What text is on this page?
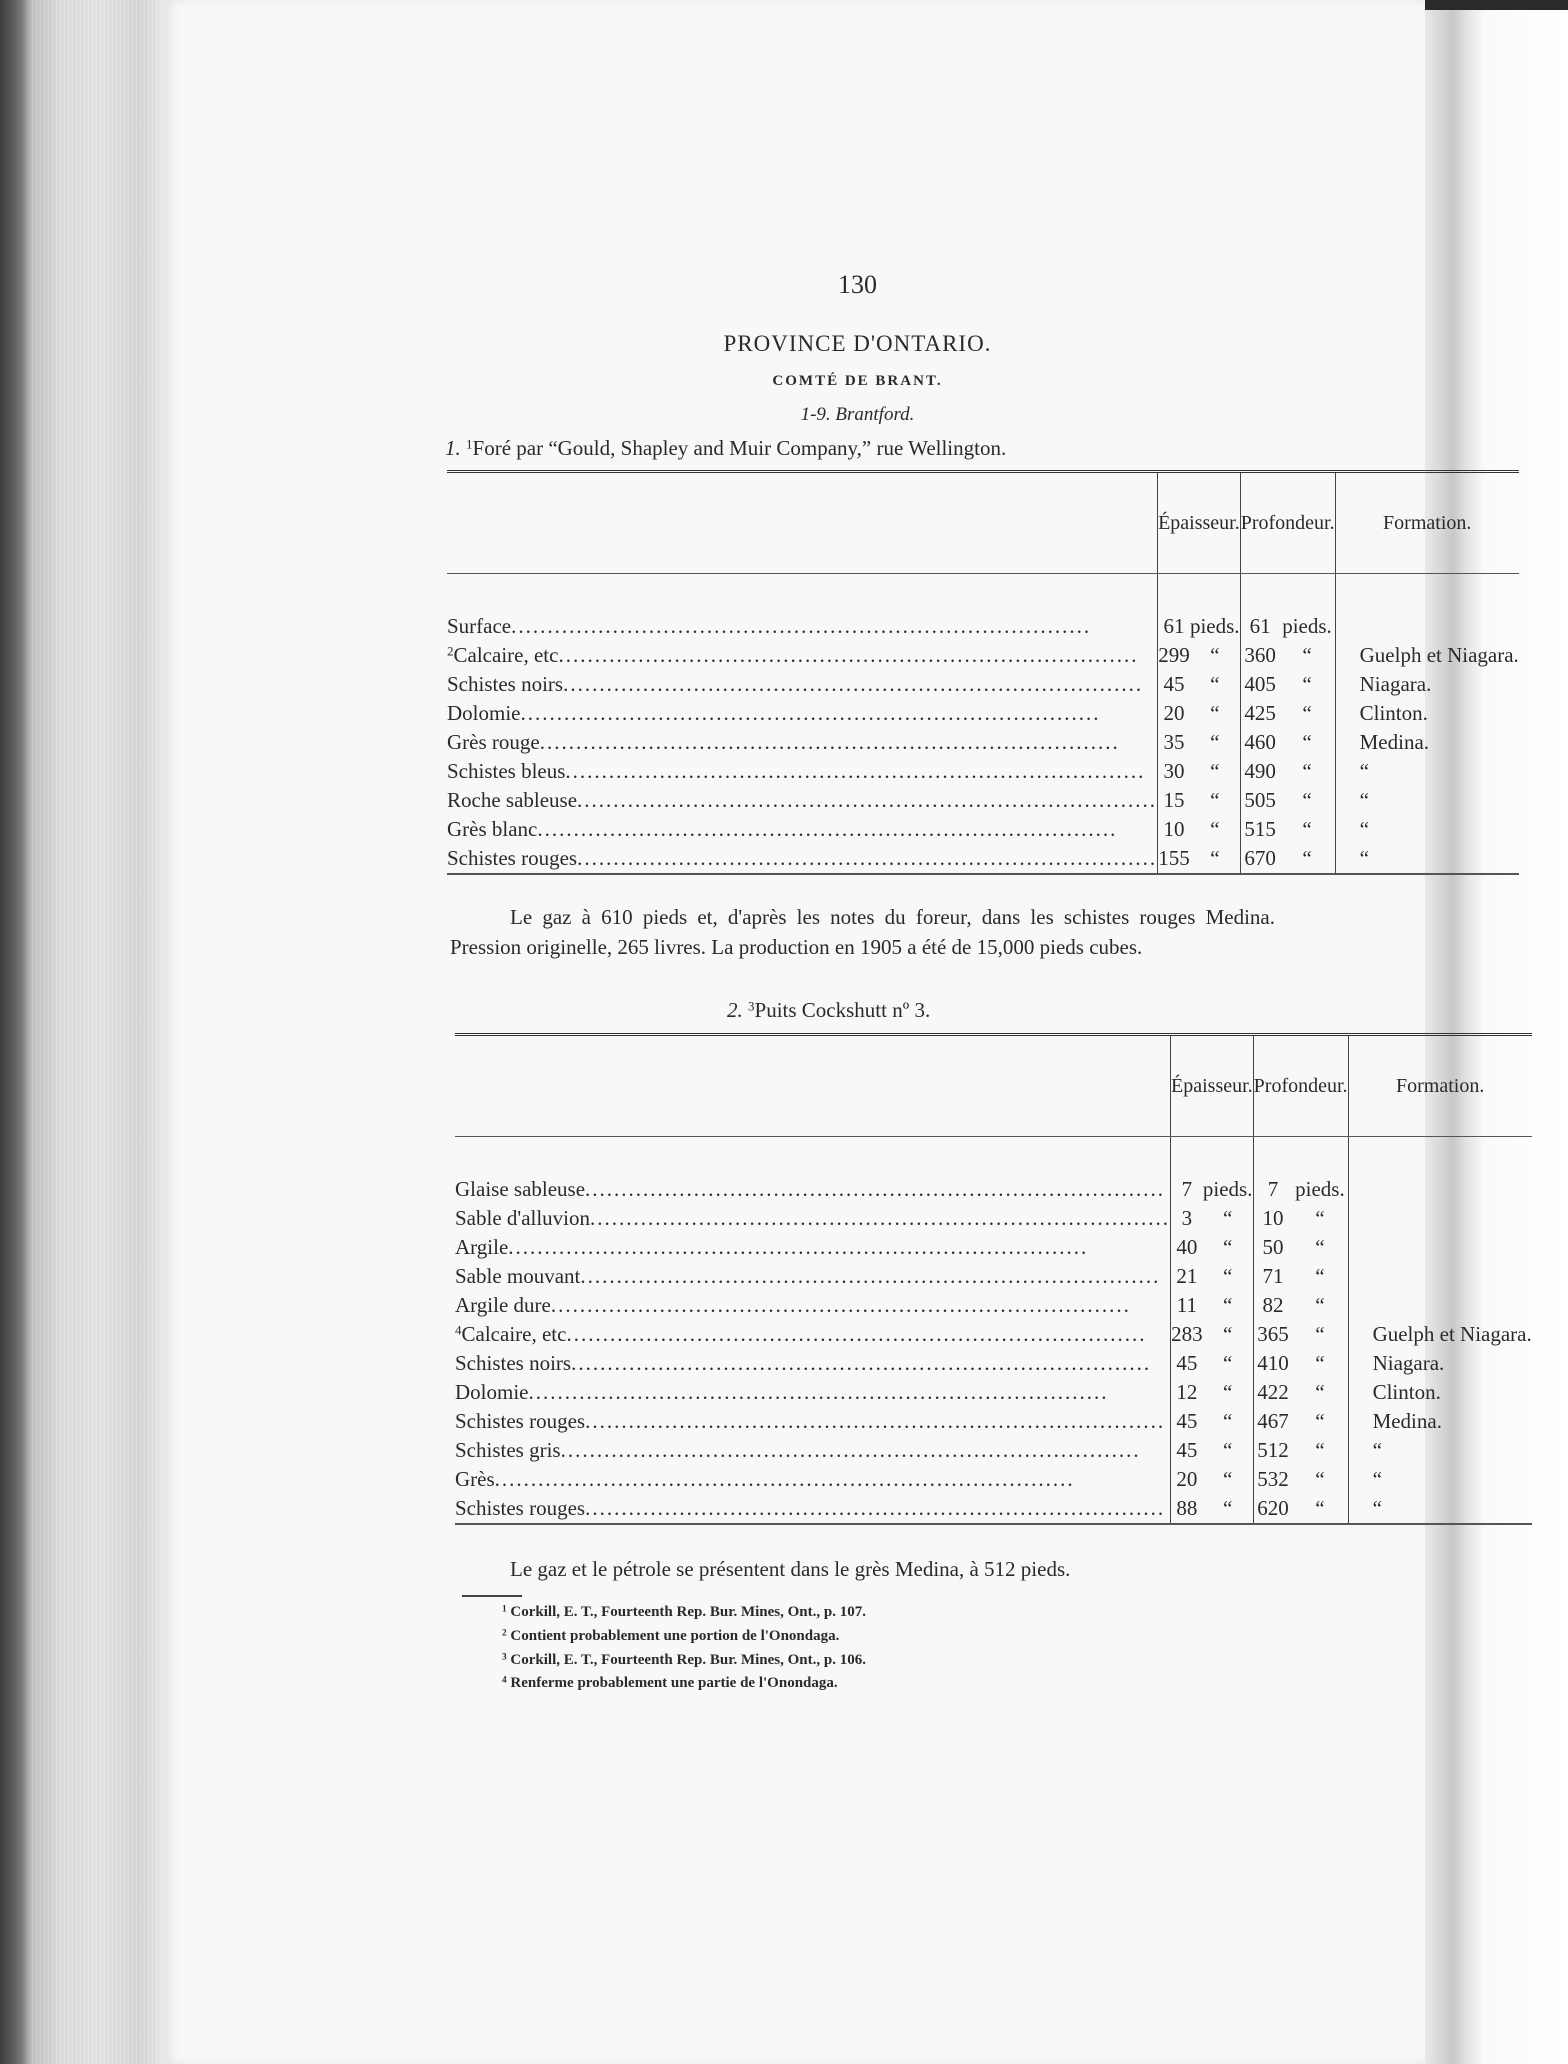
130
PROVINCE D'ONTARIO.
COMTÉ DE BRANT.
1-9. Brantford.
1. $^1$Foré par “Gould, Shapley and Muir Company,” rue Wellington.
	Épaisseur.		Profondeur.		Formation.

Surface .....	61	pieds.	61	pieds.	

$^2$Calcaire, etc .....	299	“	360	“	Guelph et Niagara.

Schistes noirs .....	45	“	405	“	Niagara.

Dolomie .....	20	“	425	“	Clinton.

Grès rouge .....	35	“	460	“	Medina.

Schistes bleus .....	30	“	490	“	“

Roche sableuse .....	15	“	505	“	“

Grès blanc .....	10	“	515	“	“

Schistes rouges .....	155	“	670	“	“
Le gaz à 610 pieds et, d'après les notes du foreur, dans les schistes rouges Medina. Pression originelle, 265 livres. La production en 1905 a été de 15,000 pieds cubes.
2. $^3$Puits Cockshutt nº 3.
	Épaisseur.		Profondeur.		Formation.

Glaise sableuse .....	7	pieds.	7	pieds.	

Sable d'alluvion .....	3	“	10	“	

Argile .....	40	“	50	“	

Sable mouvant .....	21	“	71	“	

Argile dure .....	11	“	82	“	

$^4$Calcaire, etc .....	283	“	365	“	Guelph et Niagara.

Schistes noirs .....	45	“	410	“	Niagara.

Dolomie .....	12	“	422	“	Clinton.

Schistes rouges .....	45	“	467	“	Medina.

Schistes gris .....	45	“	512	“	“

Grès .....	20	“	532	“	“

Schistes rouges .....	88	“	620	“	“
Le gaz et le pétrole se présentent dans le grès Medina, à 512 pieds.
$^1$ Corkill, E. T., Fourteenth Rep. Bur. Mines, Ont., p. 107.
$^2$ Contient probablement une portion de l'Onondaga.
$^3$ Corkill, E. T., Fourteenth Rep. Bur. Mines, Ont., p. 106.
$^4$ Renferme probablement une partie de l'Onondaga.
